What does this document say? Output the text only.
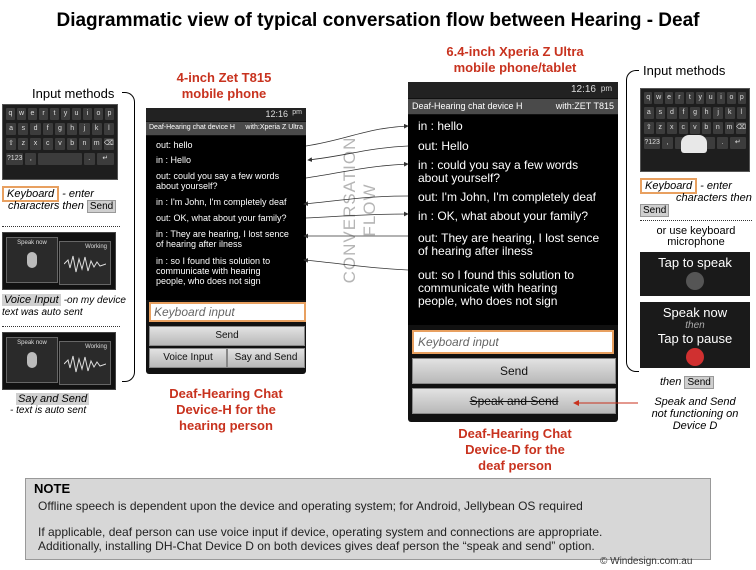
Diagrammatic view of typical conversation flow between Hearing - Deaf
Input methods
q w e	r	t	y	u	i	o	p
a	s	d	f	g	h	j	k	l
⇧	z	x	c	v	b	n	m ⌫
?123	,	.	↵
Keyboard - enter
characters then Send
Speak now
Working
Voice Input -on my device
text was auto sent
Speak now
Working
Say and Send
- text is auto sent
4-inch Zet T815
mobile phone
12:16 pm
Deaf-Hearing chat device H with:Xperia Z Ultra
out: hello
in : Hello
out: could you say a few words
about yourself?
in : I'm John, I'm completely deaf
out: OK, what about your family?
in : They are hearing, I lost sence
of hearing after ilness
in : so I found this solution to
communicate with hearing
people, who does not sign
Keyboard input
Send
Voice Input	Say and Send
Deaf-Hearing Chat
Device-H for the
hearing person
CONVERSATION FLOW
6.4-inch Xperia Z Ultra
mobile phone/tablet
12:16 pm
Deaf-Hearing chat device H	with:ZET T815
in : hello
out: Hello
in : could you say a few words
about yourself?
out: I'm John, I'm completely deaf
in : OK, what about your family?
out: They are hearing, I lost sence
of hearing after ilness
out: so I found this solution to
communicate with hearing
people, who does not sign
Keyboard input
Send
Speak and Send
Deaf-Hearing Chat
Device-D for the
deaf person
Input methods
q w e	r	t	y u	i	o p
a	s	d	f	g	h	j	k	l
⇧ z	x	c	v	b	n m ⌫
?123 ,	.	↵
Keyboard - enter
characters then Send
or use keyboard
microphone
Tap to speak
Speak now
then
Tap to pause
then Send
Speak and Send
not functioning on
Device D
NOTE
Offline speech is dependent upon the device and operating system; for Android, Jellybean OS required
If applicable, deaf person can use voice input if device, operating system and connections are appropriate.
Additionally, installing DH-Chat Device D on both devices gives deaf person the “speak and send” option.
© Windesign.com.au
